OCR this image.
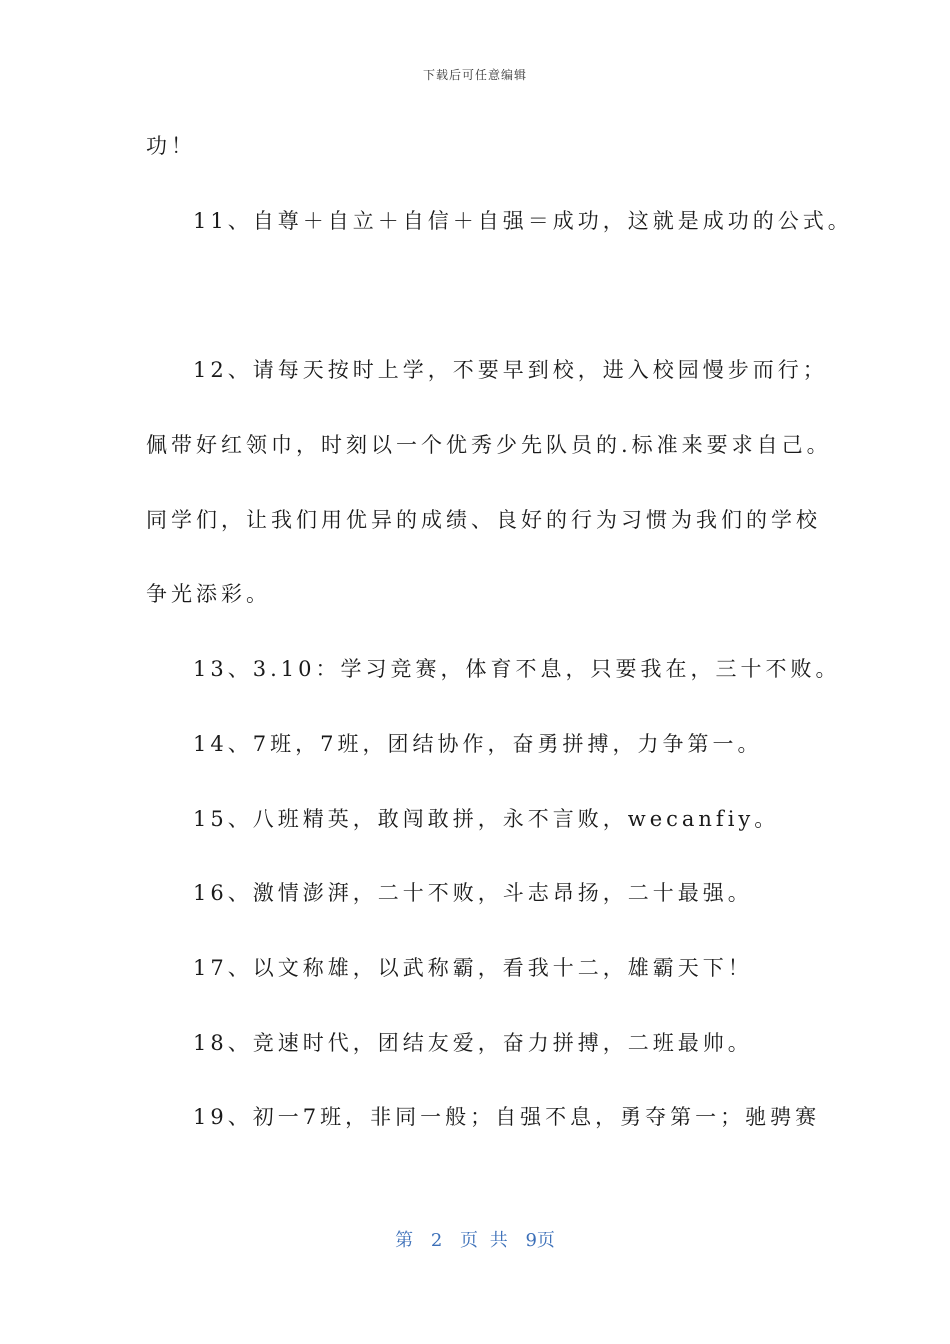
下载后可任意编辑
功！
11、自尊＋自立＋自信＋自强＝成功，这就是成功的公式。
12、请每天按时上学，不要早到校，进入校园慢步而行；
佩带好红领巾，时刻以一个优秀少先队员的.标准来要求自己。
同学们，让我们用优异的成绩、良好的行为习惯为我们的学校
争光添彩。
13、3.10：学习竞赛，体育不息，只要我在，三十不败。
14、7班，7班，团结协作，奋勇拼搏，力争第一。
15、八班精英，敢闯敢拼，永不言败，wecanfiy。
16、激情澎湃，二十不败，斗志昂扬，二十最强。
17、以文称雄，以武称霸，看我十二，雄霸天下！
18、竞速时代，团结友爱，奋力拼搏，二班最帅。
19、初一7班，非同一般；自强不息，勇夺第一；驰骋赛
第 2 页 共 9页
